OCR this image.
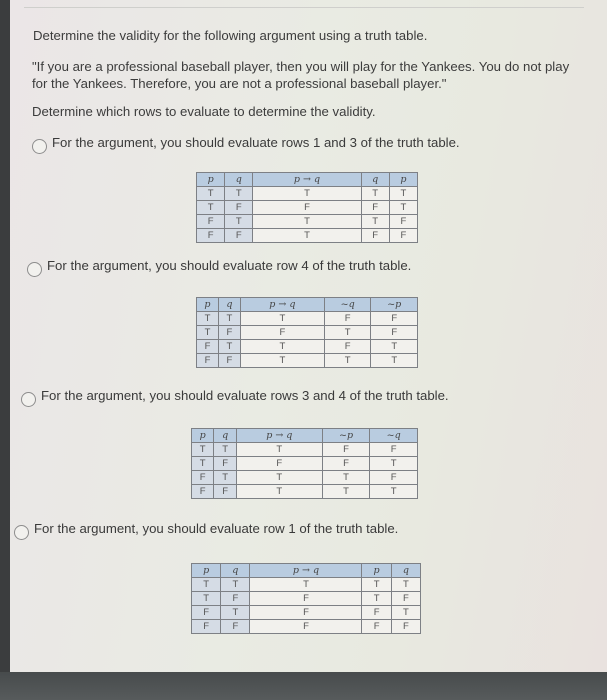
Determine the validity for the following argument using a truth table.
"If you are a professional baseball player, then you will play for the Yankees. You do not play for the Yankees. Therefore, you are not a professional baseball player."
Determine which rows to evaluate to determine the validity.
For the argument, you should evaluate rows 1 and 3 of the truth table.
p	q	p → q	q	p
T	T	T	T	T
T	F	F	F	T
F	T	T	T	F
F	F	T	F	F
For the argument, you should evaluate row 4 of the truth table.
p	q	p → q	~q	~p
T	T	T	F	F
T	F	F	T	F
F	T	T	F	T
F	F	T	T	T
For the argument, you should evaluate rows 3 and 4 of the truth table.
p	q	p → q	~p	~q
T	T	T	F	F
T	F	F	F	T
F	T	T	T	F
F	F	T	T	T
For the argument, you should evaluate row 1 of the truth table.
p	q	p → q	p	q
T	T	T	T	T
T	F	F	T	F
F	T	F	F	T
F	F	F	F	F
